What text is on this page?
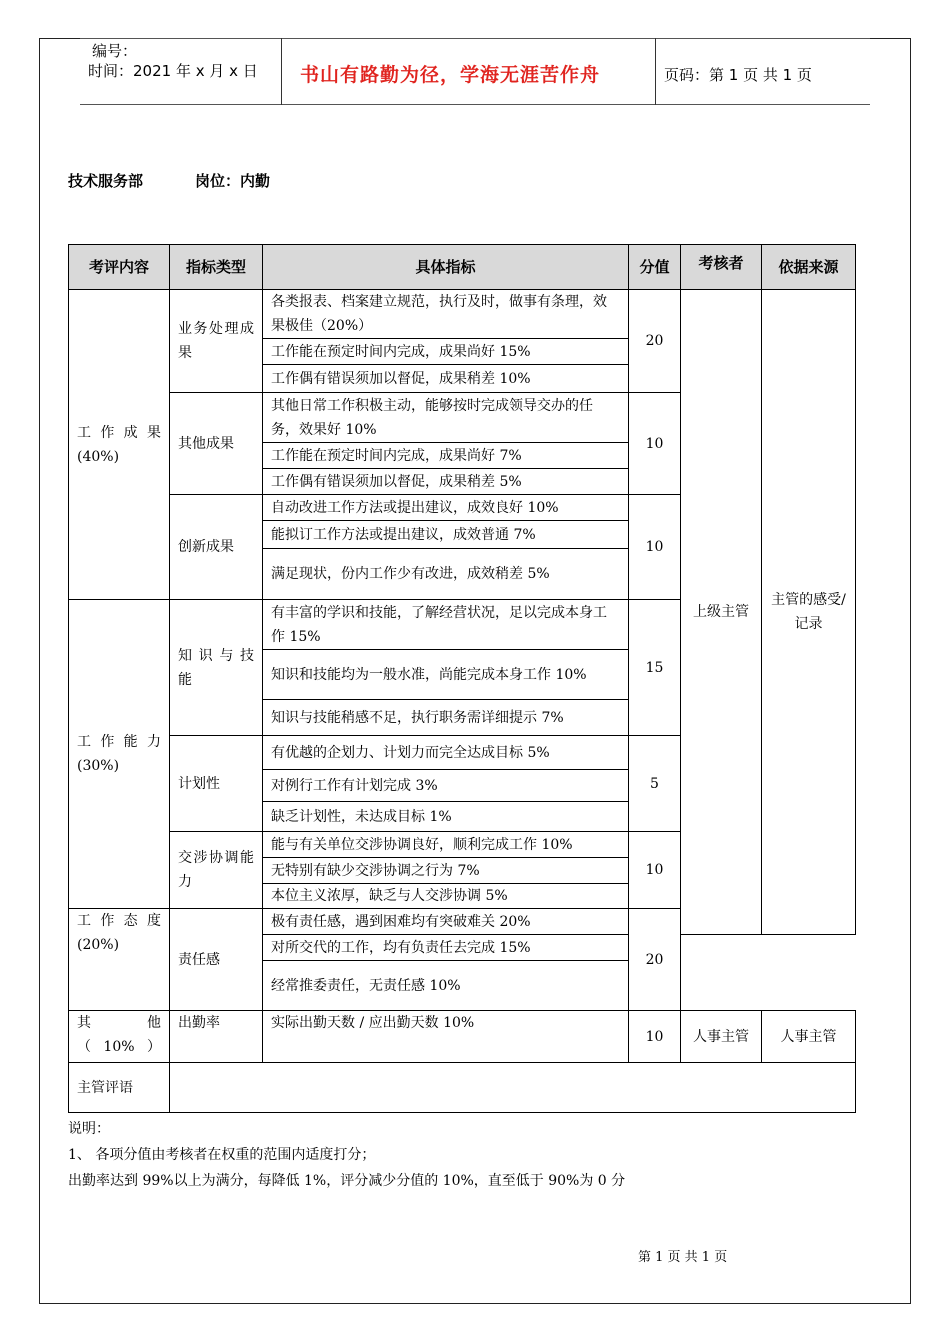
编号：
时间：2021 年 x 月 x 日 书山有路勤为径，学海无涯苦作舟	页码：第 1 页 共 1 页
技术服务部	岗位：内勤
考评内容	指标类型	具体指标	分值	考核者	依据来源
工 作 成 果 (40%)	业务处理成果	各类报表、档案建立规范，执行及时，做事有条理，效果极佳（20%）	20	上级主管	主管的感受/记录
		工作能在预定时间内完成，成果尚好 15%			
		工作偶有错误须加以督促，成果稍差 10%			
	其他成果	其他日常工作积极主动，能够按时完成领导交办的任务，效果好 10%	10		
		工作能在预定时间内完成，成果尚好 7%			
		工作偶有错误须加以督促，成果稍差 5%			
	创新成果	自动改进工作方法或提出建议，成效良好 10%	10		
		能拟订工作方法或提出建议，成效普通 7%			
		满足现状，份内工作少有改进，成效稍差 5%			
工 作 能 力 (30%)	知 识 与 技能	有丰富的学识和技能，了解经营状况，足以完成本身工作 15%	15		
		知识和技能均为一般水准，尚能完成本身工作 10%			
		知识与技能稍感不足，执行职务需详细提示 7%			
	计划性	有优越的企划力、计划力而完全达成目标 5%	5		
		对例行工作有计划完成 3%			
		缺乏计划性，未达成目标 1%			
	交涉协调能力	能与有关单位交涉协调良好，顺利完成工作 10%	10		
		无特别有缺少交涉协调之行为 7%			
		本位主义浓厚，缺乏与人交涉协调 5%			
工 作 态 度 (20%)	责任感	极有责任感，遇到困难均有突破难关 20%	20		
		对所交代的工作，均有负责任去完成 15%			
		经常推委责任，无责任感 10%			
其 他 （10%）	出勤率	实际出勤天数 / 应出勤天数 10%	10	人事主管	人事主管
主管评语					
说明：
1、 各项分值由考核者在权重的范围内适度打分；
出勤率达到 99%以上为满分，每降低 1%，评分减少分值的 10%，直至低于 90%为 0 分
第 1 页 共 1 页
